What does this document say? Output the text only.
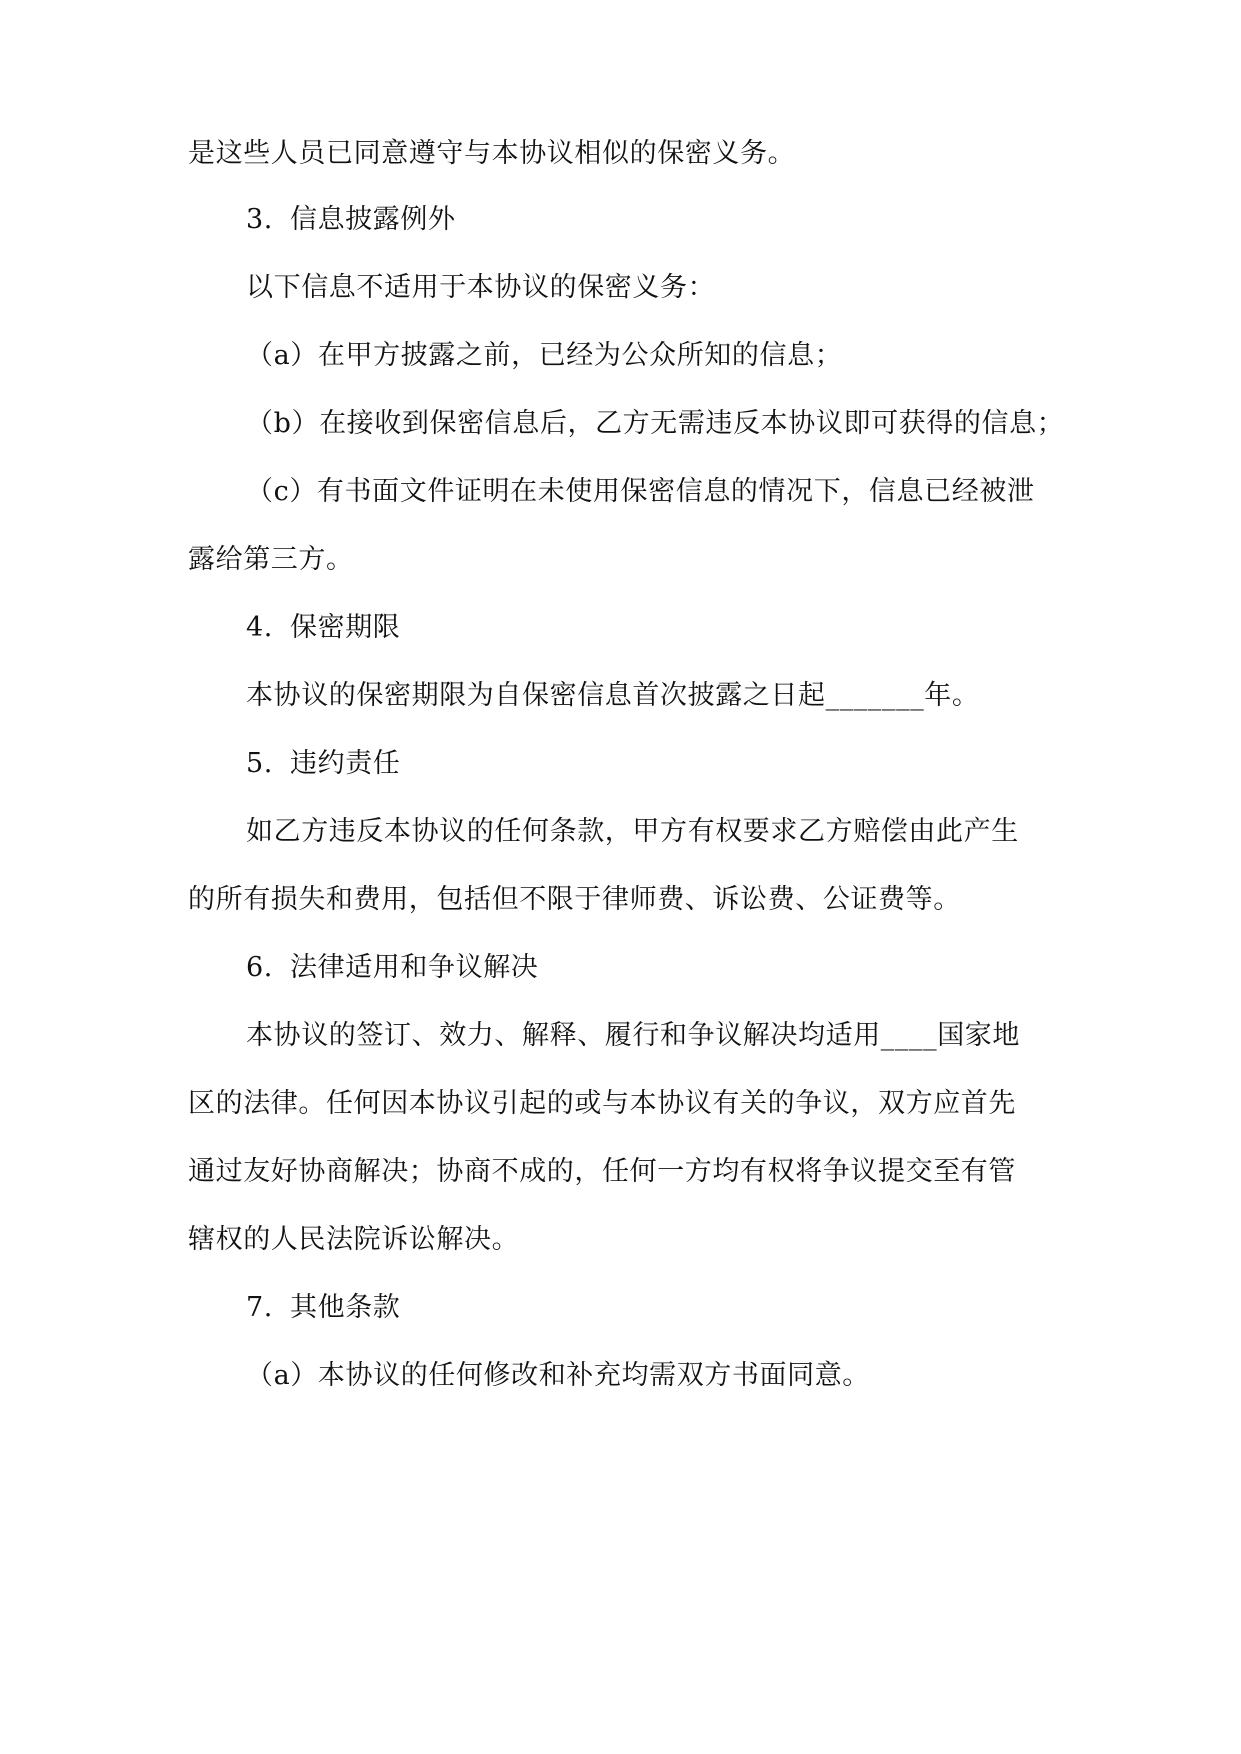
是这些人员已同意遵守与本协议相似的保密义务。
3. 信息披露例外
以下信息不适用于本协议的保密义务：
（a）在甲方披露之前，已经为公众所知的信息；
（b）在接收到保密信息后，乙方无需违反本协议即可获得的信息；
（c）有书面文件证明在未使用保密信息的情况下，信息已经被泄
露给第三方。
4. 保密期限
本协议的保密期限为自保密信息首次披露之日起_______年。
5. 违约责任
如乙方违反本协议的任何条款，甲方有权要求乙方赔偿由此产生
的所有损失和费用，包括但不限于律师费、诉讼费、公证费等。
6. 法律适用和争议解决
本协议的签订、效力、解释、履行和争议解决均适用____国家地
区的法律。任何因本协议引起的或与本协议有关的争议，双方应首先
通过友好协商解决；协商不成的，任何一方均有权将争议提交至有管
辖权的人民法院诉讼解决。
7. 其他条款
（a）本协议的任何修改和补充均需双方书面同意。
